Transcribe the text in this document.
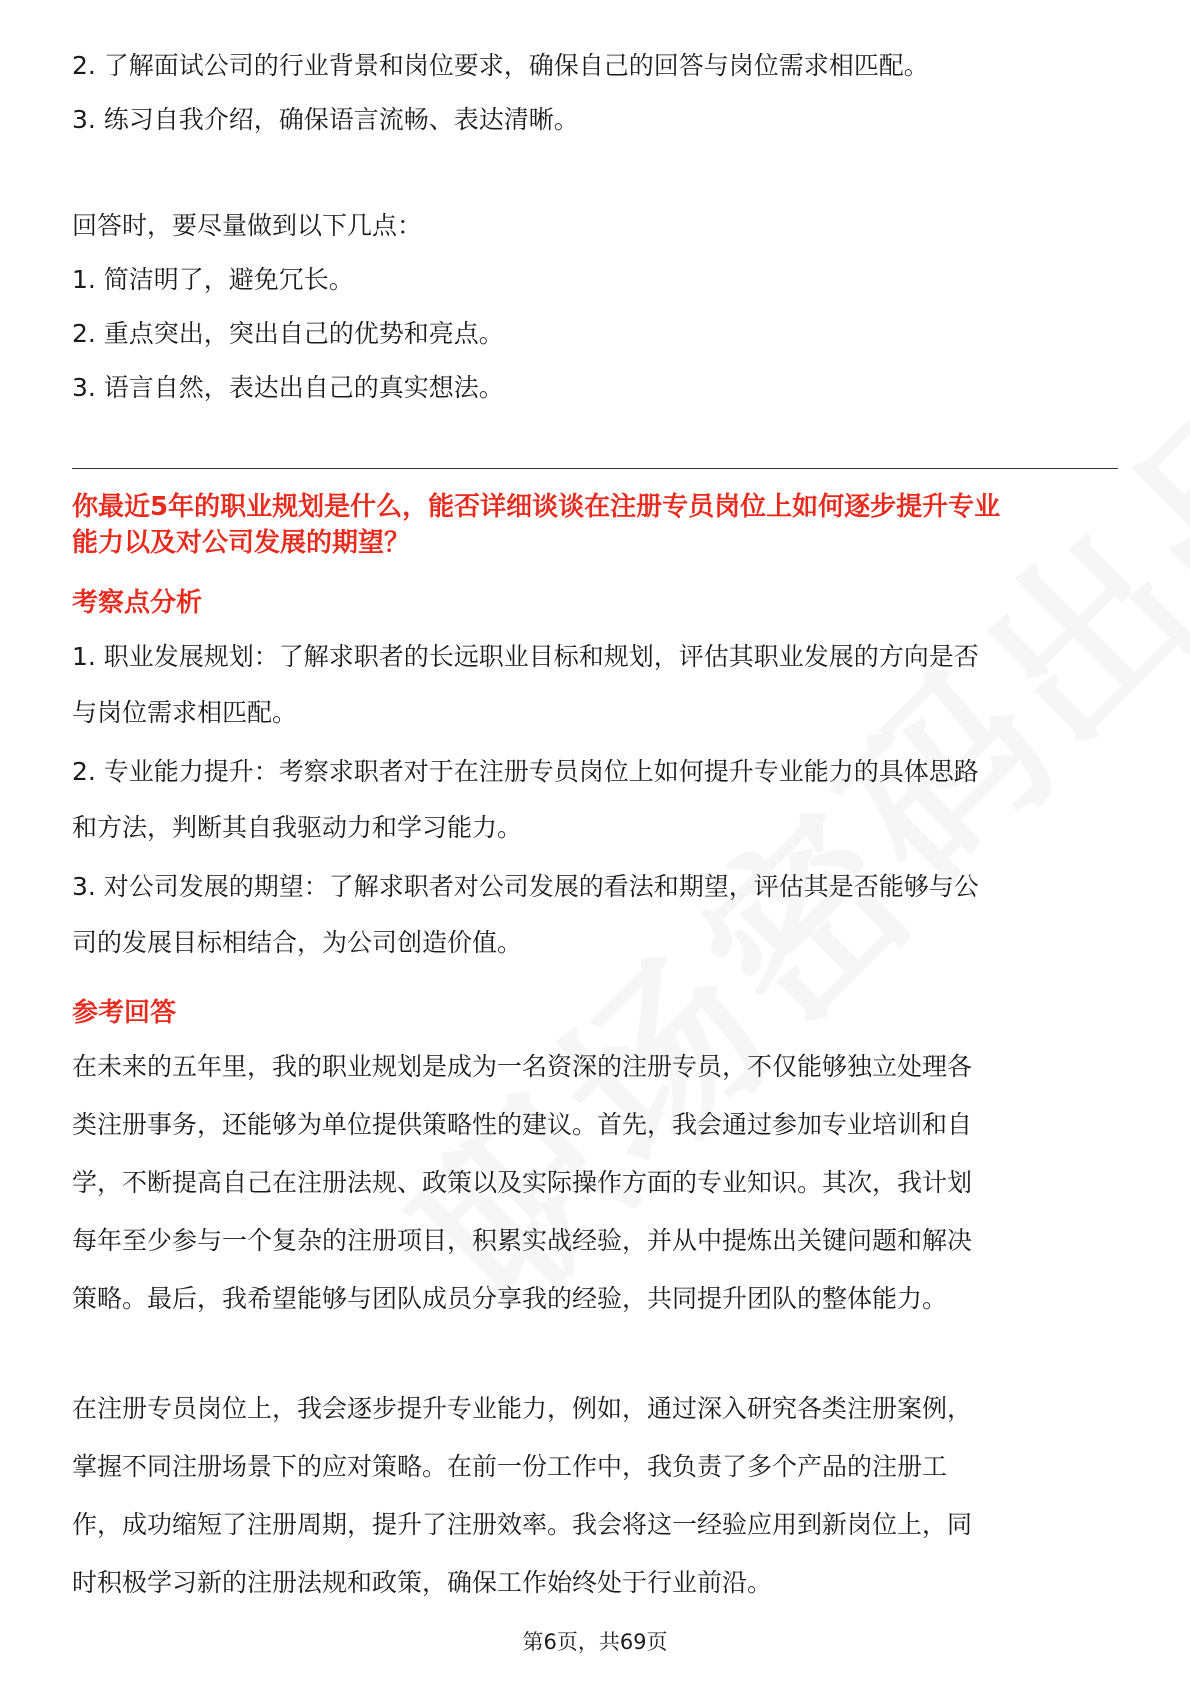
2. 了解面试公司的行业背景和岗位要求，确保自己的回答与岗位需求相匹配。
3. 练习自我介绍，确保语言流畅、表达清晰。
回答时，要尽量做到以下几点：
1. 简洁明了，避免冗长。
2. 重点突出，突出自己的优势和亮点。
3. 语言自然，表达出自己的真实想法。
你最近5年的职业规划是什么，能否详细谈谈在注册专员岗位上如何逐步提升专业
能力以及对公司发展的期望？
考察点分析
1. 职业发展规划：了解求职者的长远职业目标和规划，评估其职业发展的方向是否
与岗位需求相匹配。
2. 专业能力提升：考察求职者对于在注册专员岗位上如何提升专业能力的具体思路
和方法，判断其自我驱动力和学习能力。
3. 对公司发展的期望：了解求职者对公司发展的看法和期望，评估其是否能够与公
司的发展目标相结合，为公司创造价值。
参考回答
在未来的五年里，我的职业规划是成为一名资深的注册专员，不仅能够独立处理各
类注册事务，还能够为单位提供策略性的建议。首先，我会通过参加专业培训和自
学，不断提高自己在注册法规、政策以及实际操作方面的专业知识。其次，我计划
每年至少参与一个复杂的注册项目，积累实战经验，并从中提炼出关键问题和解决
策略。最后，我希望能够与团队成员分享我的经验，共同提升团队的整体能力。
在注册专员岗位上，我会逐步提升专业能力，例如，通过深入研究各类注册案例，
掌握不同注册场景下的应对策略。在前一份工作中，我负责了多个产品的注册工
作，成功缩短了注册周期，提升了注册效率。我会将这一经验应用到新岗位上，同
时积极学习新的注册法规和政策，确保工作始终处于行业前沿。
第6页，共69页
